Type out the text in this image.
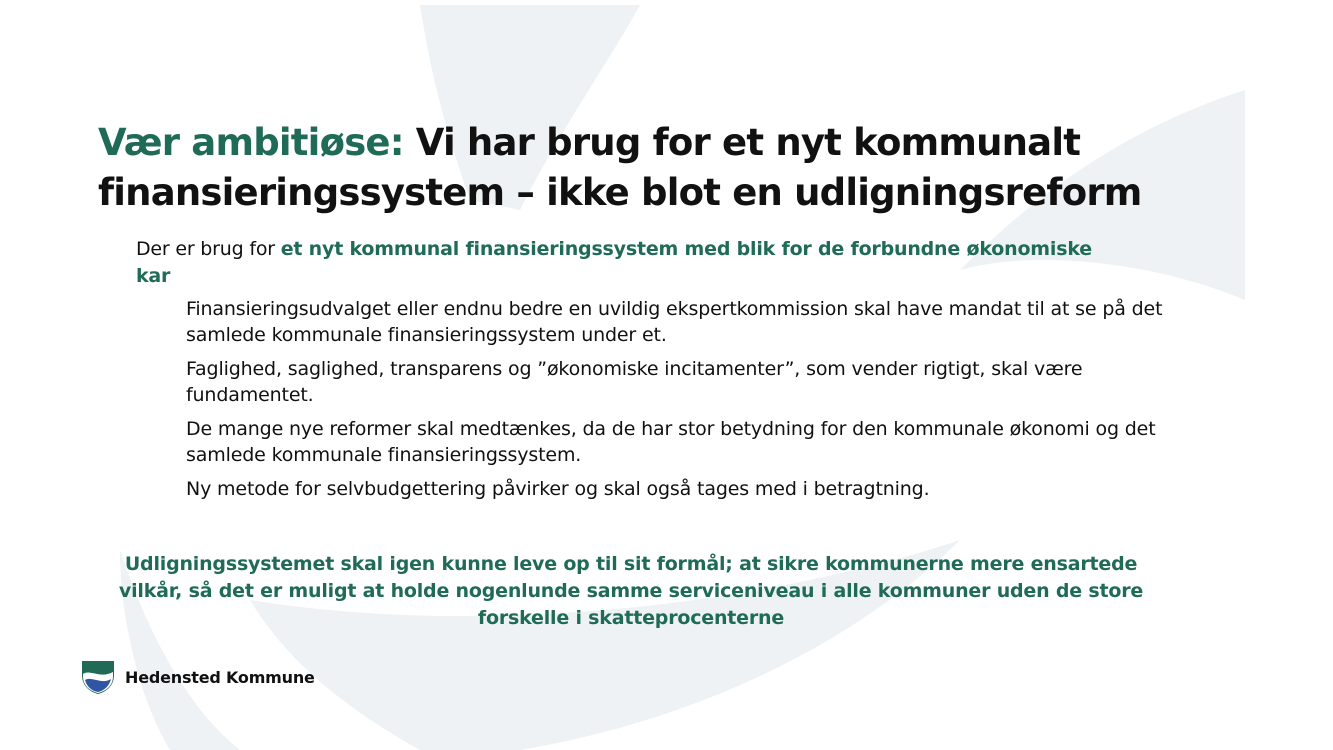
Vær ambitiøse: Vi har brug for et nyt kommunalt finansieringssystem – ikke blot en udligningsreform
Der er brug for et nyt kommunal finansieringssystem med blik for de forbundne økonomiske kar
Finansieringsudvalget eller endnu bedre en uvildig ekspertkommission skal have mandat til at se på det samlede kommunale finansieringssystem under et.
Faglighed, saglighed, transparens og ”økonomiske incitamenter”, som vender rigtigt, skal være fundamentet.
De mange nye reformer skal medtænkes, da de har stor betydning for den kommunale økonomi og det samlede kommunale finansieringssystem.
Ny metode for selvbudgettering påvirker og skal også tages med i betragtning.
Udligningssystemet skal igen kunne leve op til sit formål; at sikre kommunerne mere ensartede vilkår, så det er muligt at holde nogenlunde samme serviceniveau i alle kommuner uden de store forskelle i skatteprocenterne
Hedensted Kommune
